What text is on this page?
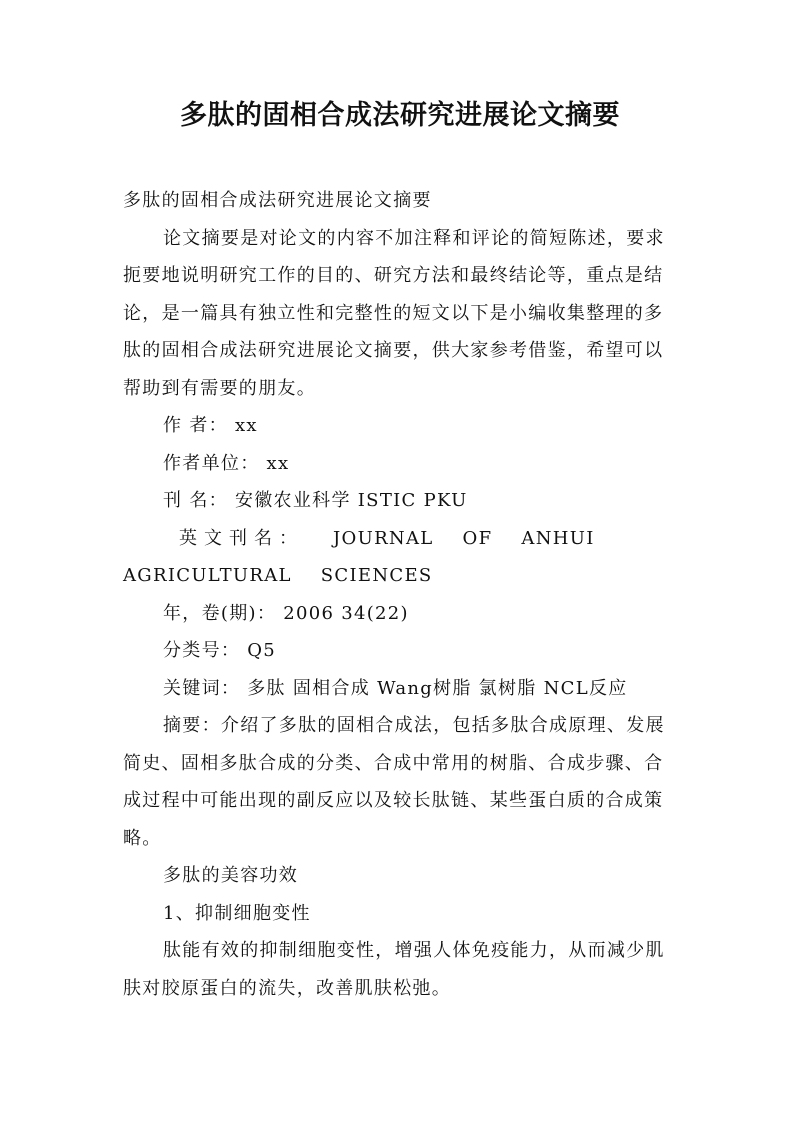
多肽的固相合成法研究进展论文摘要

多肽的固相合成法研究进展论文摘要

论文摘要是对论文的内容不加注释和评论的简短陈述，要求扼要地说明研究工作的目的、研究方法和最终结论等，重点是结论，是一篇具有独立性和完整性的短文以下是小编收集整理的多肽的固相合成法研究进展论文摘要，供大家参考借鉴，希望可以帮助到有需要的朋友。

作 者： xx

作者单位： xx

刊 名： 安徽农业科学 ISTIC PKU

英文刊名： JOURNAL OF ANHUI AGRICULTURAL SCIENCES

年，卷(期)： 2006 34(22)

分类号： Q5

关键词： 多肽 固相合成 Wang树脂 氯树脂 NCL反应

摘要：介绍了多肽的固相合成法，包括多肽合成原理、发展简史、固相多肽合成的分类、合成中常用的树脂、合成步骤、合成过程中可能出现的副反应以及较长肽链、某些蛋白质的合成策略。

多肽的美容功效

1、抑制细胞变性

肽能有效的抑制细胞变性，增强人体免疫能力，从而减少肌肤对胶原蛋白的流失，改善肌肤松弛。
